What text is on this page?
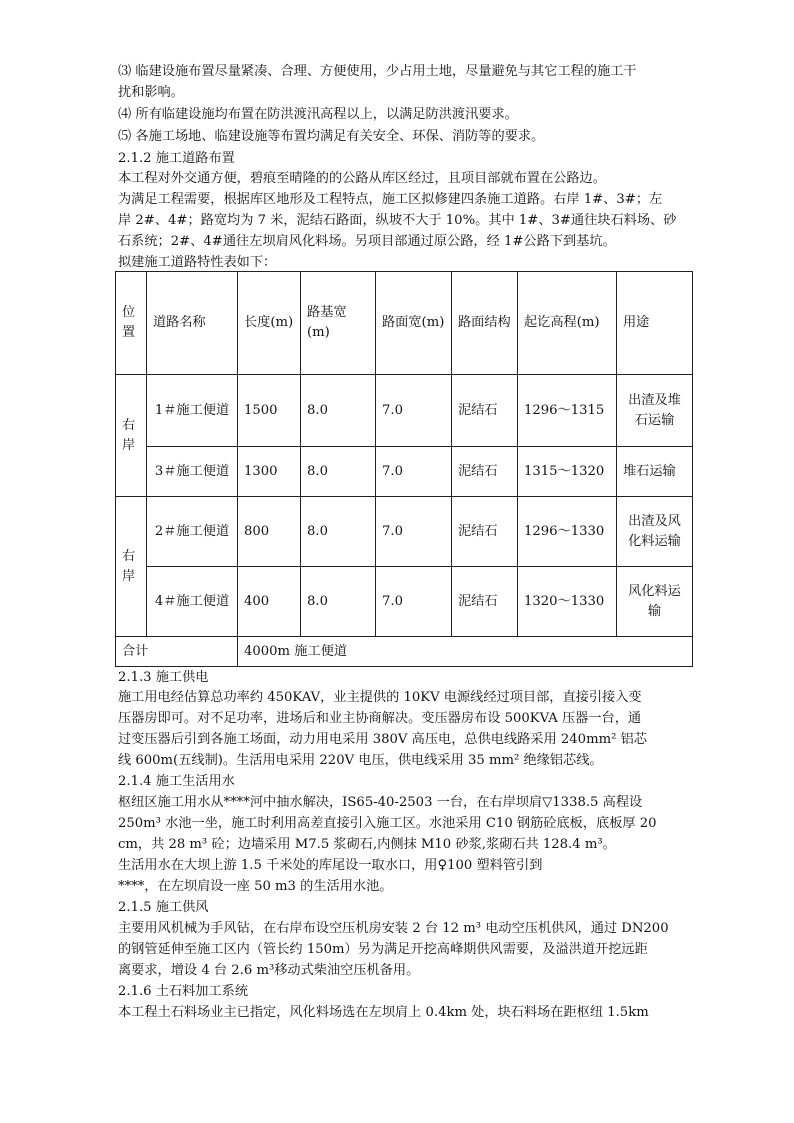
⑶ 临建设施布置尽量紧凑、合理、方便使用，少占用土地，尽量避免与其它工程的施工干
扰和影响。
⑷ 所有临建设施均布置在防洪渡汛高程以上，以满足防洪渡汛要求。
⑸ 各施工场地、临建设施等布置均满足有关安全、环保、消防等的要求。
2.1.2 施工道路布置
本工程对外交通方便，碧痕至晴隆的的公路从库区经过，且项目部就布置在公路边。
为满足工程需要，根据库区地形及工程特点，施工区拟修建四条施工道路。右岸 1#、3#；左
岸 2#、4#；路宽均为 7 米，泥结石路面，纵坡不大于 10%。其中 1#、3#通往块石料场、砂
石系统；2#、4#通往左坝肩风化料场。另项目部通过原公路，经 1#公路下到基坑。
拟建施工道路特性表如下：
位置	道路名称	长度(m)	路基宽(m)	路面宽(m)	路面结构	起讫高程(m)	用途
右岸	1＃施工便道	1500	8.0	7.0	泥结石	1296～1315	出渣及堆石运输
	3＃施工便道	1300	8.0	7.0	泥结石	1315～1320	堆石运输
右岸	2＃施工便道	800	8.0	7.0	泥结石	1296～1330	出渣及风化料运输
	4＃施工便道	400	8.0	7.0	泥结石	1320～1330	风化料运输
合计		4000m 施工便道					
2.1.3 施工供电
施工用电经估算总功率约 450KAV，业主提供的 10KV 电源线经过项目部，直接引接入变
压器房即可。对不足功率，进场后和业主协商解决。变压器房布设 500KVA 压器一台，通
过变压器后引到各施工场面，动力用电采用 380V 高压电，总供电线路采用 240mm² 铝芯
线 600m(五线制)。生活用电采用 220V 电压，供电线采用 35 mm² 绝缘铝芯线。
2.1.4 施工生活用水
枢纽区施工用水从****河中抽水解决，IS65-40-2503 一台，在右岸坝肩▽1338.5 高程设
250m³ 水池一坐，施工时利用高差直接引入施工区。水池采用 C10 钢筋砼底板，底板厚 20
cm，共 28 m³ 砼；边墙采用 M7.5 浆砌石,内侧抹 M10 砂浆,浆砌石共 128.4 m³。
生活用水在大坝上游 1.5 千米处的库尾设一取水口，用♀100 塑料管引到
****，在左坝肩设一座 50 m3 的生活用水池。
2.1.5 施工供风
主要用风机械为手风钻，在右岸布设空压机房安装 2 台 12 m³ 电动空压机供风，通过 DN200
的钢管延伸至施工区内（管长约 150m）另为满足开挖高峰期供风需要，及溢洪道开挖远距
离要求，增设 4 台 2.6 m³移动式柴油空压机备用。
2.1.6 土石料加工系统
本工程土石料场业主已指定，风化料场选在左坝肩上 0.4km 处，块石料场在距枢纽 1.5km
